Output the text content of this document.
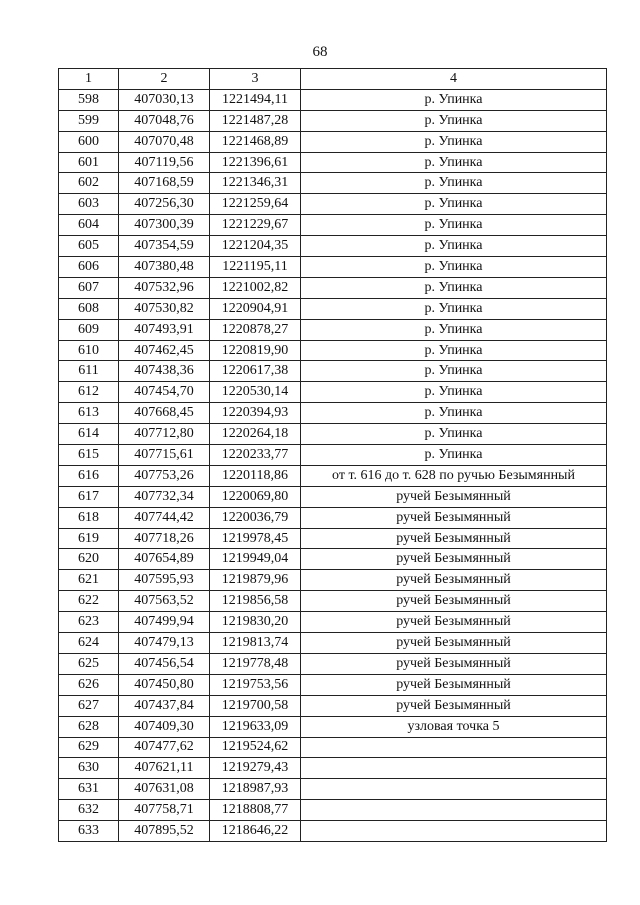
68
1	2	3	4
598	407030,13	1221494,11	р. Упинка
599	407048,76	1221487,28	р. Упинка
600	407070,48	1221468,89	р. Упинка
601	407119,56	1221396,61	р. Упинка
602	407168,59	1221346,31	р. Упинка
603	407256,30	1221259,64	р. Упинка
604	407300,39	1221229,67	р. Упинка
605	407354,59	1221204,35	р. Упинка
606	407380,48	1221195,11	р. Упинка
607	407532,96	1221002,82	р. Упинка
608	407530,82	1220904,91	р. Упинка
609	407493,91	1220878,27	р. Упинка
610	407462,45	1220819,90	р. Упинка
611	407438,36	1220617,38	р. Упинка
612	407454,70	1220530,14	р. Упинка
613	407668,45	1220394,93	р. Упинка
614	407712,80	1220264,18	р. Упинка
615	407715,61	1220233,77	р. Упинка
616	407753,26	1220118,86	от т. 616 до т. 628 по ручью Безымянный
617	407732,34	1220069,80	ручей Безымянный
618	407744,42	1220036,79	ручей Безымянный
619	407718,26	1219978,45	ручей Безымянный
620	407654,89	1219949,04	ручей Безымянный
621	407595,93	1219879,96	ручей Безымянный
622	407563,52	1219856,58	ручей Безымянный
623	407499,94	1219830,20	ручей Безымянный
624	407479,13	1219813,74	ручей Безымянный
625	407456,54	1219778,48	ручей Безымянный
626	407450,80	1219753,56	ручей Безымянный
627	407437,84	1219700,58	ручей Безымянный
628	407409,30	1219633,09	узловая точка 5
629	407477,62	1219524,62	
630	407621,11	1219279,43	
631	407631,08	1218987,93	
632	407758,71	1218808,77	
633	407895,52	1218646,22	
